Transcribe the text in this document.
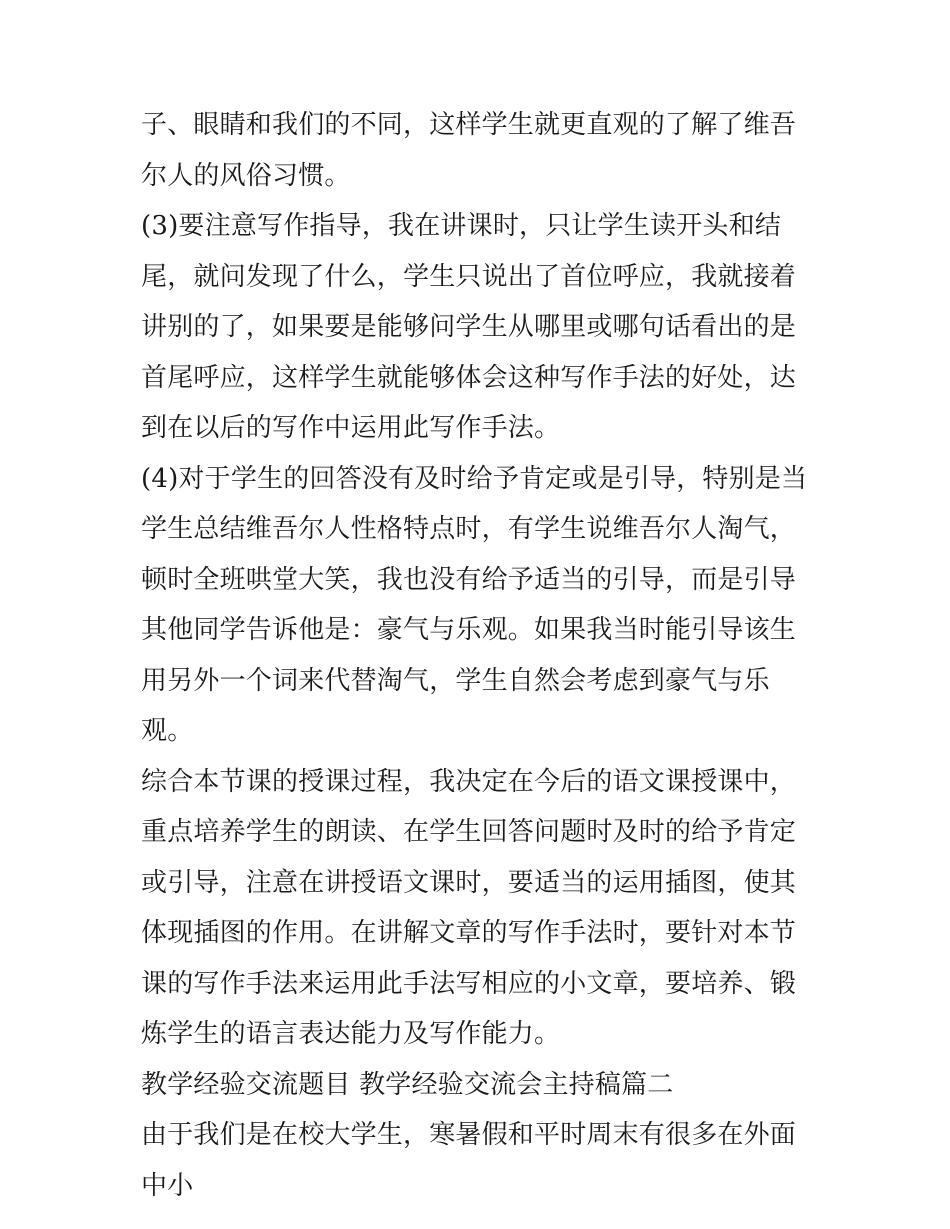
子、眼睛和我们的不同，这样学生就更直观的了解了维吾尔人的风俗习惯。

(3)要注意写作指导，我在讲课时，只让学生读开头和结尾，就问发现了什么，学生只说出了首位呼应，我就接着讲别的了，如果要是能够问学生从哪里或哪句话看出的是首尾呼应，这样学生就能够体会这种写作手法的好处，达到在以后的写作中运用此写作手法。

(4)对于学生的回答没有及时给予肯定或是引导，特别是当学生总结维吾尔人性格特点时，有学生说维吾尔人淘气，顿时全班哄堂大笑，我也没有给予适当的引导，而是引导其他同学告诉他是：豪气与乐观。如果我当时能引导该生用另外一个词来代替淘气，学生自然会考虑到豪气与乐观。

综合本节课的授课过程，我决定在今后的语文课授课中，重点培养学生的朗读、在学生回答问题时及时的给予肯定或引导，注意在讲授语文课时，要适当的运用插图，使其体现插图的作用。在讲解文章的写作手法时，要针对本节课的写作手法来运用此手法写相应的小文章，要培养、锻炼学生的语言表达能力及写作能力。

教学经验交流题目 教学经验交流会主持稿篇二

由于我们是在校大学生，寒暑假和平时周末有很多在外面中小
